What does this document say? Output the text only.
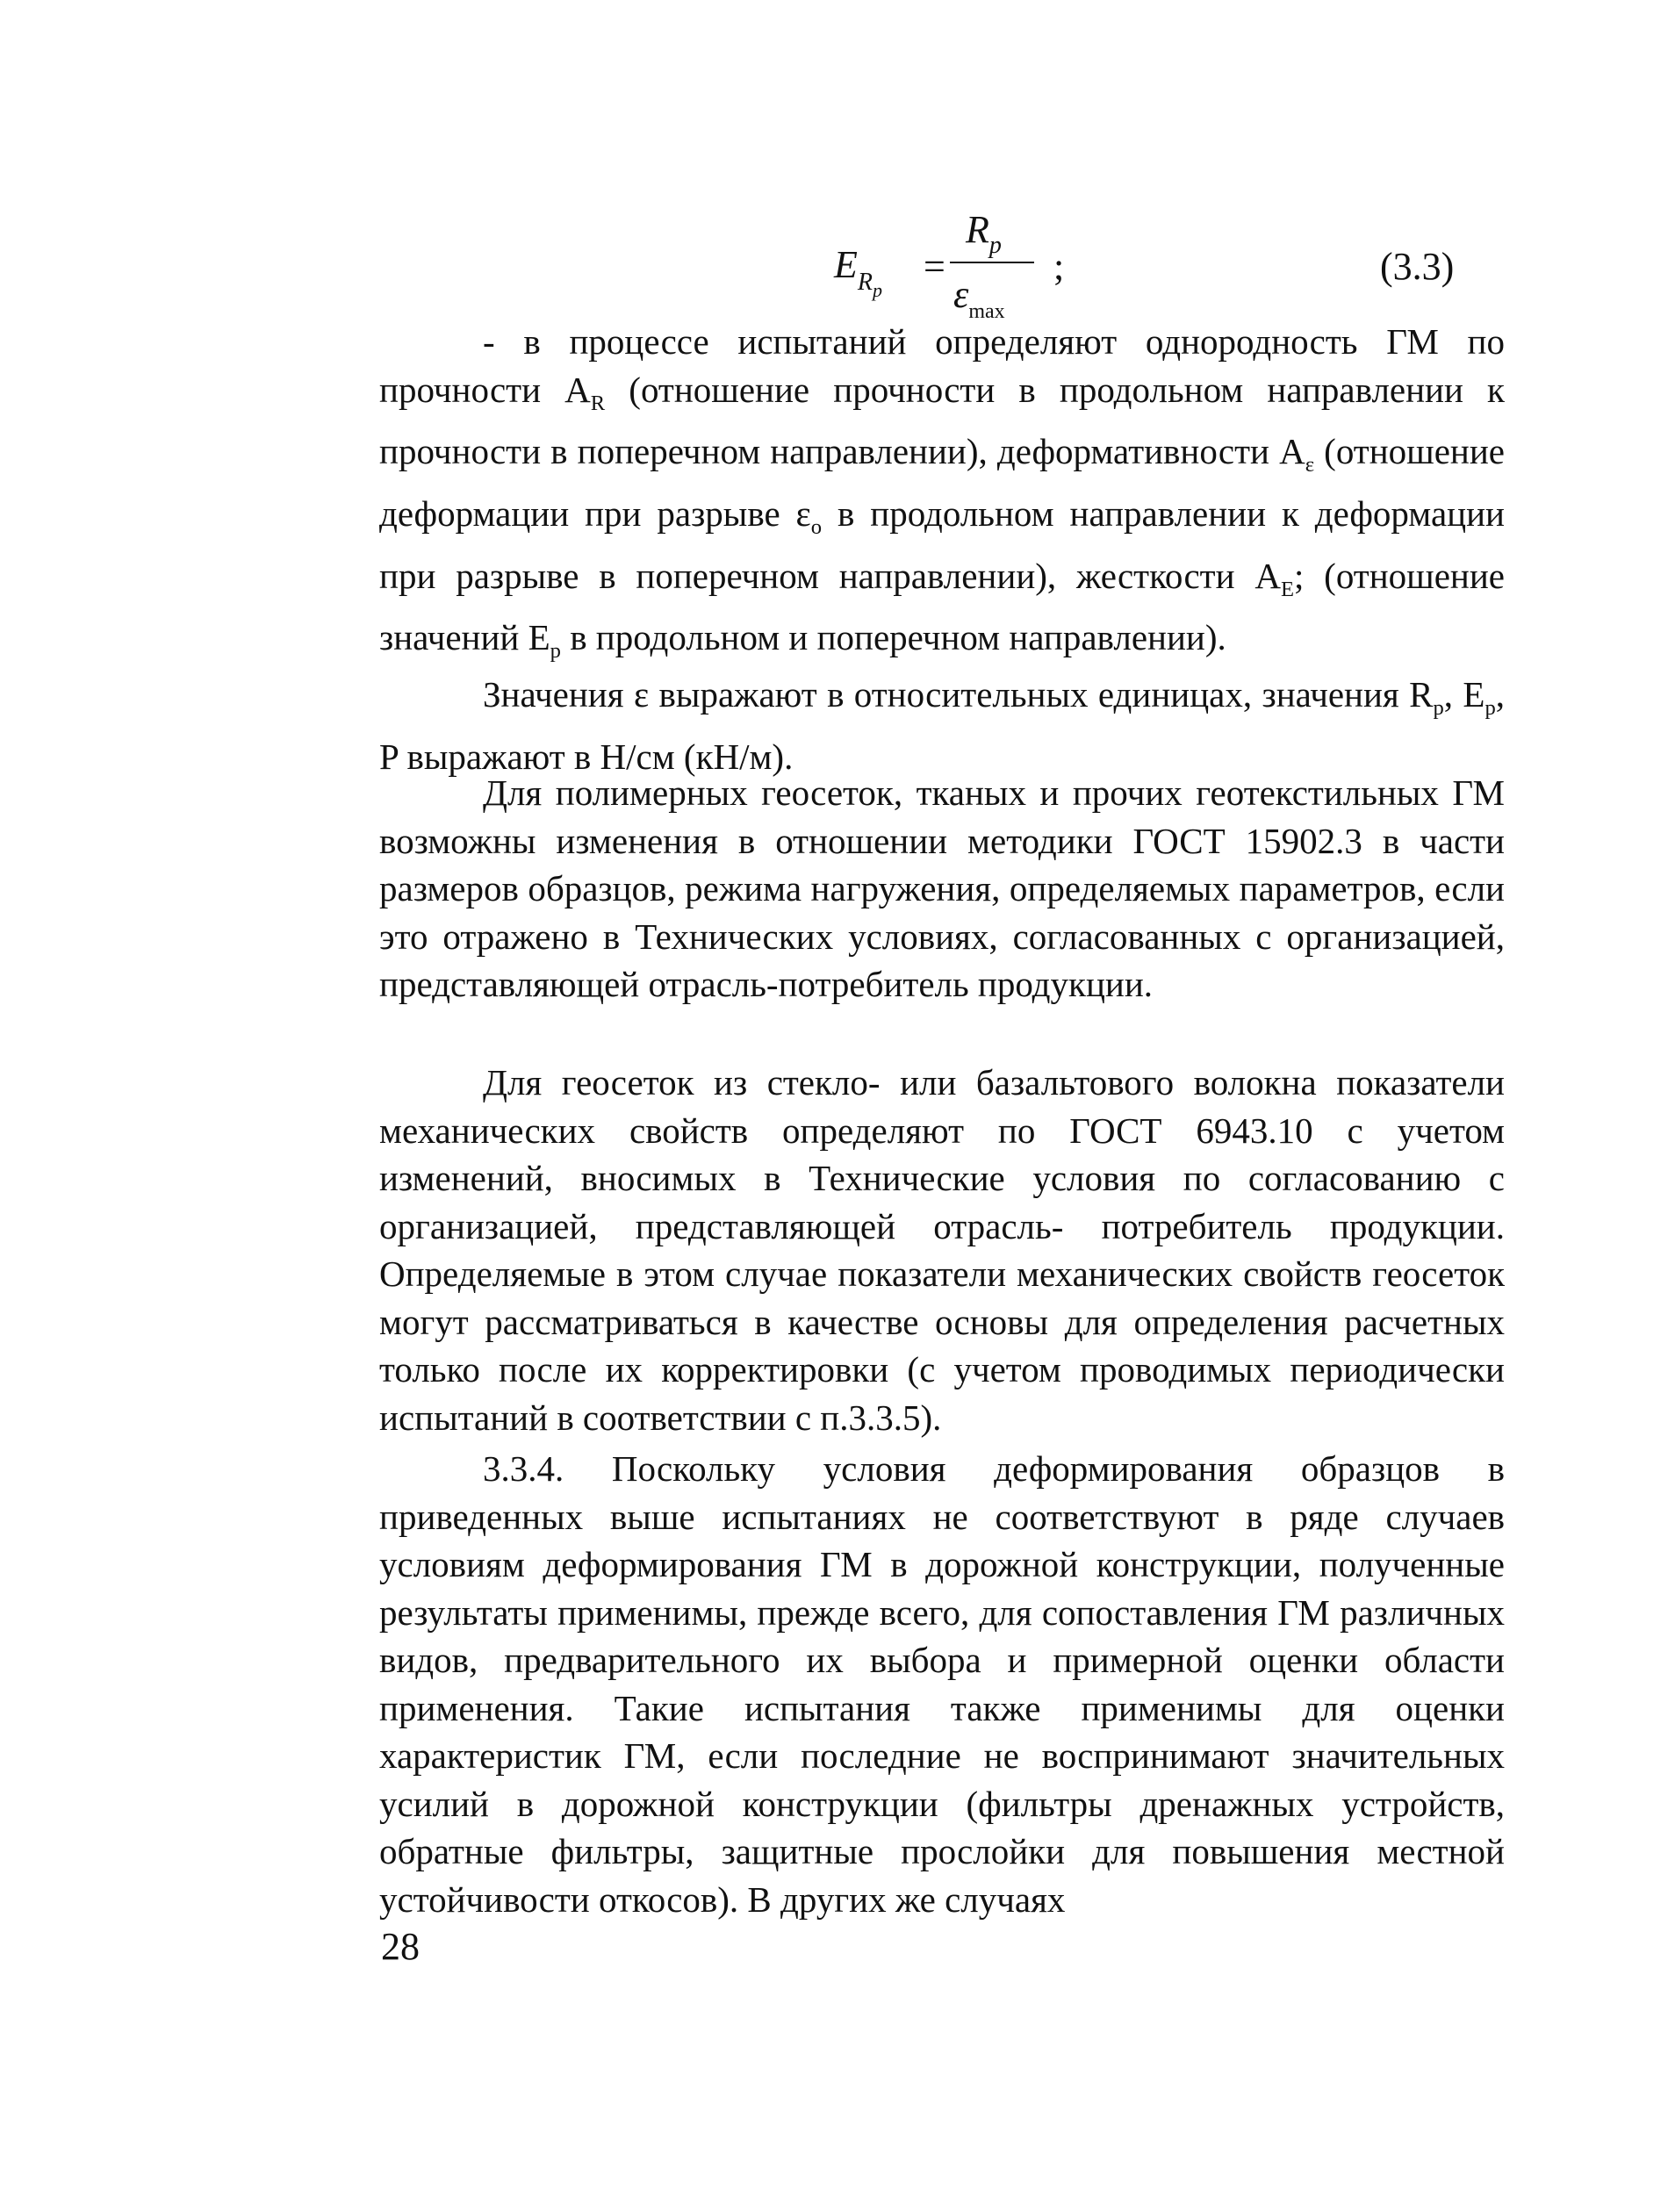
$E_{Rp}$
=
$R_p$
$\varepsilon_{max}$
;	(3.3)

- в процессе испытаний определяют однородность ГМ по прочности $A_R$ (отношение прочности в продольном направлении к прочности в поперечном направлении), деформативности $A_\varepsilon$ (отношение деформации при разрыве $\varepsilon_o$ в продольном направлении к деформации при разрыве в поперечном направлении), жесткости $A_E$; (отношение значений $E_p$ в продольном и поперечном направлении).

Значения ε выражают в относительных единицах, значения $R_p$, $E_p$, P выражают в Н/см (кН/м).

Для полимерных геосеток, тканых и прочих геотекстильных ГМ возможны изменения в отношении методики ГОСТ 15902.3 в части размеров образцов, режима нагружения, определяемых параметров, если это отражено в Технических условиях, согласованных с организацией, представляющей отрасль-потребитель продукции.

Для геосеток из стекло- или базальтового волокна показатели механических свойств определяют по ГОСТ 6943.10 с учетом изменений, вносимых в Технические условия по согласованию с организацией, представляющей отрасль- потребитель продукции. Определяемые в этом случае показатели механических свойств геосеток могут рассматриваться в качестве основы для определения расчетных только после их корректировки (с учетом проводимых периодически испытаний в соответствии с п.3.3.5).

3.3.4. Поскольку условия деформирования образцов в приведенных выше испытаниях не соответствуют в ряде случаев условиям деформирования ГМ в дорожной конструкции, полученные результаты применимы, прежде всего, для сопоставления ГМ различных видов, предварительного их выбора и примерной оценки области применения. Такие испытания также применимы для оценки характеристик ГМ, если последние не воспринимают значительных усилий в дорожной конструкции (фильтры дренажных устройств, обратные фильтры, защитные прослойки для повышения местной устойчивости откосов). В других же случаях

28
